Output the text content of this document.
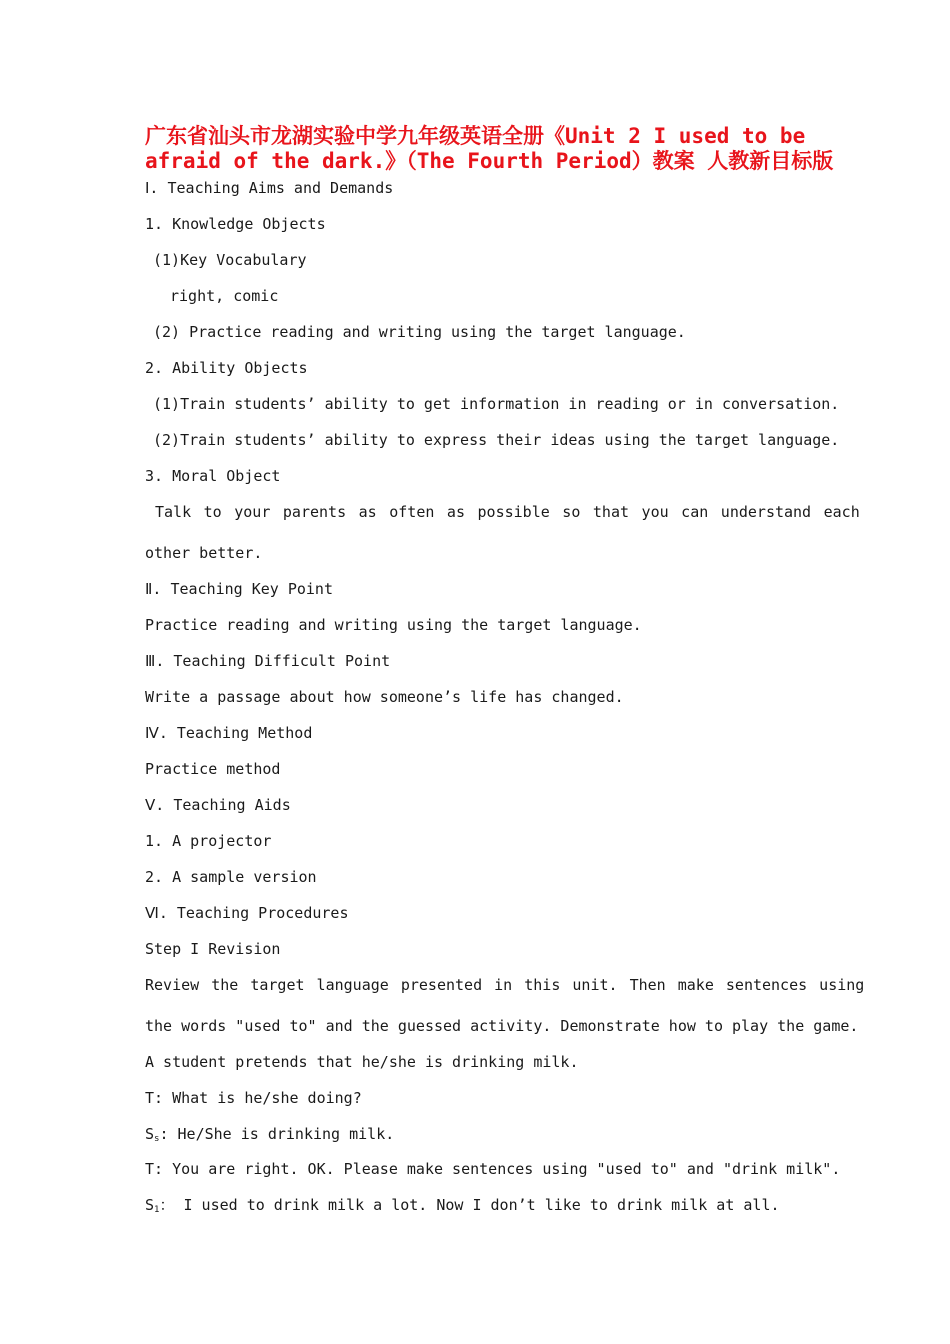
广东省汕头市龙湖实验中学九年级英语全册《Unit 2 I used to be
afraid of the dark.》（The Fourth Period）教案 人教新目标版

Ⅰ. Teaching Aims and Demands

1. Knowledge Objects

(1)Key Vocabulary

right, comic

(2) Practice reading and writing using the target language.

2. Ability Objects

(1)Train students’ ability to get information in reading or in conversation.

(2)Train students’ ability to express their ideas using the target language.

3. Moral Object

Talk to your parents as often as possible so that you can understand each

other better.

Ⅱ. Teaching Key Point

Practice reading and writing using the target language.

Ⅲ. Teaching Difficult Point

Write a passage about how someone’s life has changed.

Ⅳ. Teaching Method

Practice method

Ⅴ. Teaching Aids

1. A projector

2. A sample version

Ⅵ. Teaching Procedures

Step I Revision

Review the target language presented in this unit. Then make sentences using

the words "used to" and the guessed activity. Demonstrate how to play the game.

A student pretends that he/she is drinking milk.

T: What is he/she doing?

$S_s$: He/She is drinking milk.

T: You are right. OK. Please make sentences using "used to" and "drink milk".

$S_1$： I used to drink milk a lot. Now I don’t like to drink milk at all.
